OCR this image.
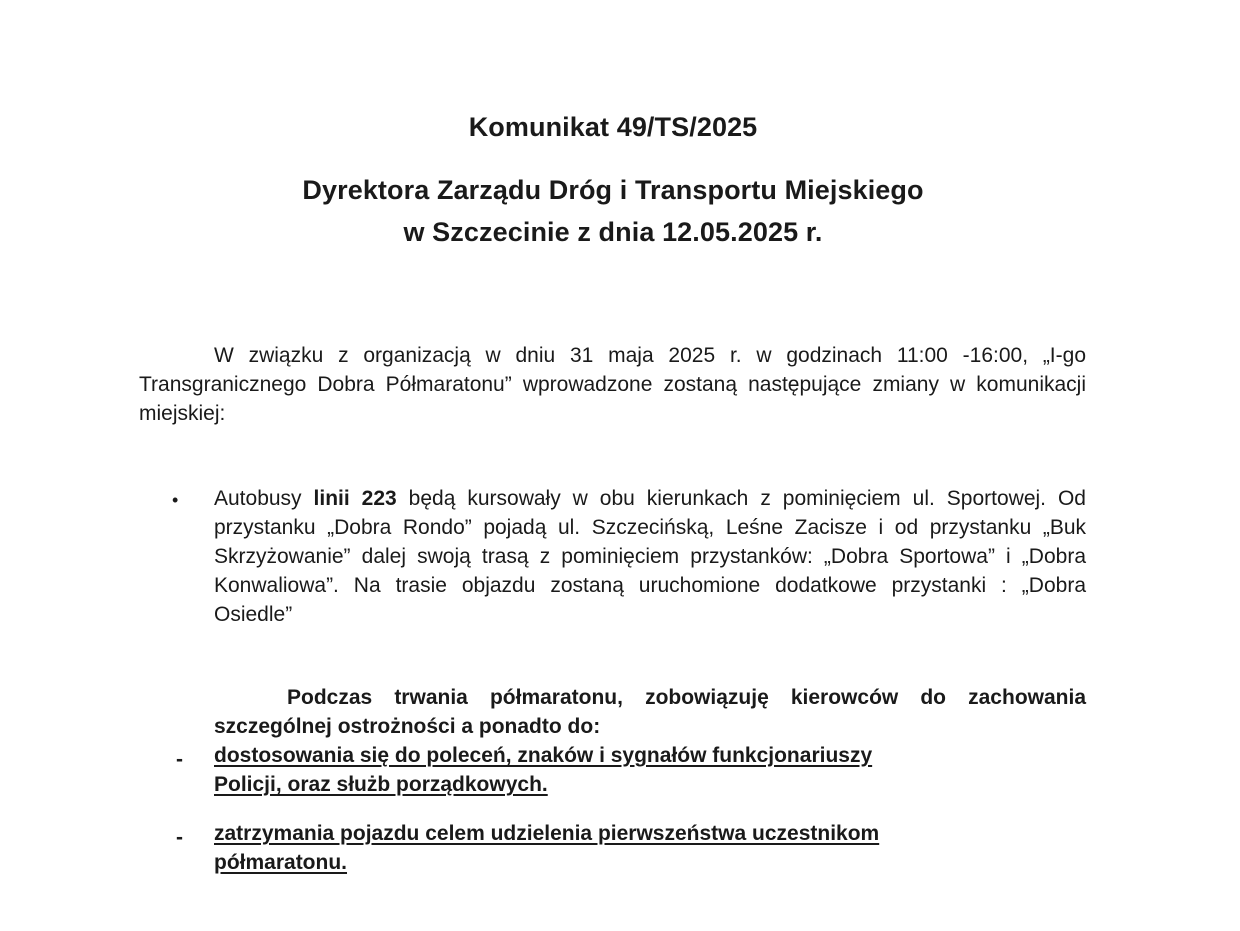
Komunikat 49/TS/2025
Dyrektora Zarządu Dróg i Transportu Miejskiego
w Szczecinie z dnia 12.05.2025 r.
W związku z organizacją w dniu 31 maja 2025 r. w godzinach 11:00 -16:00, „I-go Transgranicznego Dobra Półmaratonu” wprowadzone zostaną następujące zmiany w komunikacji miejskiej:
• Autobusy linii 223 będą kursowały w obu kierunkach z pominięciem ul. Sportowej. Od przystanku „Dobra Rondo” pojadą ul. Szczecińską, Leśne Zacisze i od przystanku „Buk Skrzyżowanie” dalej swoją trasą z pominięciem przystanków: „Dobra Sportowa” i „Dobra Konwaliowa”. Na trasie objazdu zostaną uruchomione dodatkowe przystanki : „Dobra Osiedle”
Podczas trwania półmaratonu, zobowiązuję kierowców do zachowania szczególnej ostrożności a ponadto do:
- dostosowania się do poleceń, znaków i sygnałów funkcjonariuszy
Policji, oraz służb porządkowych.
- zatrzymania pojazdu celem udzielenia pierwszeństwa uczestnikom
półmaratonu.
